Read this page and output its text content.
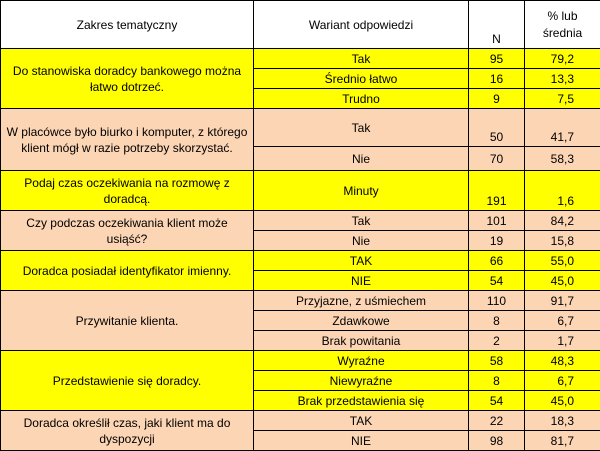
Zakres tematyczny	Wariant odpowiedzi	N	% lub
średnia

Do stanowiska doradcy bankowego można łatwo dotrzeć.	Tak	95	79,2
	Średnio łatwo	16	13,3
	Trudno	9	7,5
W placówce było biurko i komputer, z którego klient mógł w razie potrzeby skorzystać.	Tak	50	41,7
	Nie	70	58,3
Podaj czas oczekiwania na rozmowę z doradcą.	Minuty	191	1,6
Czy podczas oczekiwania klient może usiąść?	Tak	101	84,2
	Nie	19	15,8
Doradca posiadał identyfikator imienny.	TAK	66	55,0
	NIE	54	45,0
Przywitanie klienta.	Przyjazne, z uśmiechem	110	91,7
	Zdawkowe	8	6,7
	Brak powitania	2	1,7
Przedstawienie się doradcy.	Wyraźne	58	48,3
	Niewyraźne	8	6,7
	Brak przedstawienia się	54	45,0
Doradca określił czas, jaki klient ma do dyspozycji	TAK	22	18,3
	NIE	98	81,7
